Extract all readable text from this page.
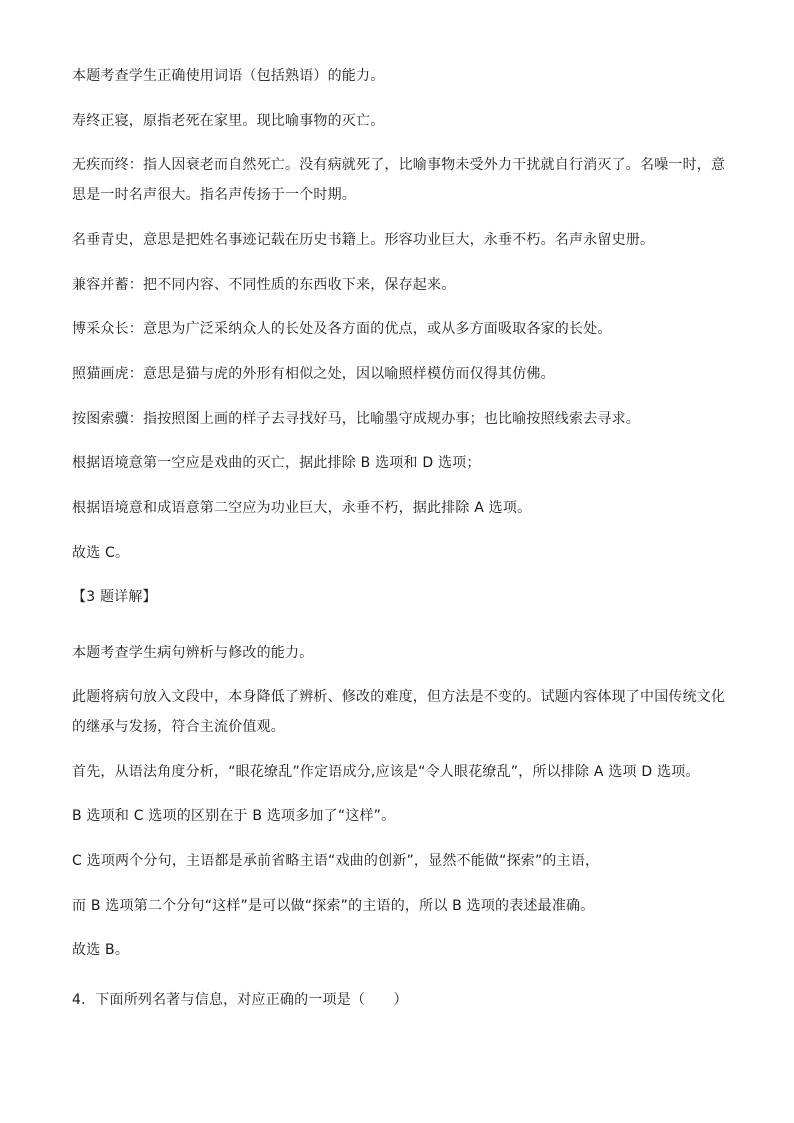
本题考查学生正确使用词语（包括熟语）的能力。
寿终正寝，原指老死在家里。现比喻事物的灭亡。
无疾而终：指人因衰老而自然死亡。没有病就死了，比喻事物未受外力干扰就自行消灭了。名噪一时，意
思是一时名声很大。指名声传扬于一个时期。
名垂青史，意思是把姓名事迹记载在历史书籍上。形容功业巨大，永垂不朽。名声永留史册。
兼容并蓄：把不同内容、不同性质的东西收下来，保存起来。
博采众长：意思为广泛采纳众人的长处及各方面的优点，或从多方面吸取各家的长处。
照猫画虎：意思是猫与虎的外形有相似之处，因以喻照样模仿而仅得其仿佛。
按图索骥：指按照图上画的样子去寻找好马，比喻墨守成规办事；也比喻按照线索去寻求。
根据语境意第一空应是戏曲的灭亡，据此排除 B 选项和 D 选项；
根据语境意和成语意第二空应为功业巨大，永垂不朽，据此排除 A 选项。
故选 C。
【3 题详解】
本题考查学生病句辨析与修改的能力。
此题将病句放入文段中，本身降低了辨析、修改的难度，但方法是不变的。试题内容体现了中国传统文化
的继承与发扬，符合主流价值观。
首先，从语法角度分析，“眼花缭乱”作定语成分,应该是“令人眼花缭乱”，所以排除 A 选项 D 选项。
B 选项和 C 选项的区别在于 B 选项多加了“这样”。
C 选项两个分句，主语都是承前省略主语“戏曲的创新”，显然不能做“探索”的主语，
而 B 选项第二个分句“这样”是可以做“探索”的主语的，所以 B 选项的表述最准确。
故选 B。
4．下面所列名著与信息，对应正确的一项是（　　）
